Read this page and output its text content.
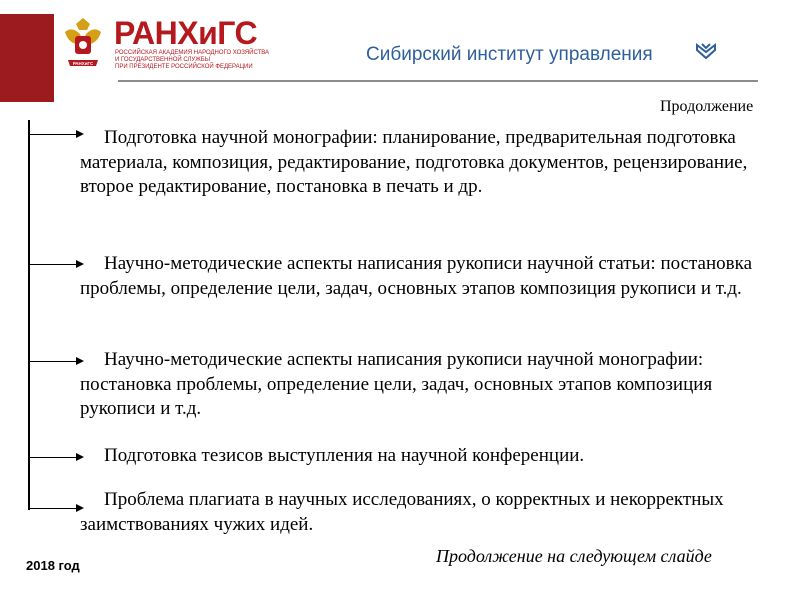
РАНХиГС
РАНХиГС
РОССИЙСКАЯ АКАДЕМИЯ НАРОДНОГО ХОЗЯЙСТВА
И ГОСУДАРСТВЕННОЙ СЛУЖБЫ
ПРИ ПРЕЗИДЕНТЕ РОССИЙСКОЙ ФЕДЕРАЦИИ
Сибирский институт управления
Продолжение
Подготовка научной монографии: планирование, предварительная подготовка материала, композиция, редактирование, подготовка документов, рецензирование, второе редактирование, постановка в печать и др.
Научно-методические аспекты написания рукописи научной статьи: постановка проблемы, определение цели, задач, основных этапов композиция рукописи и т.д.
Научно-методические аспекты написания рукописи научной монографии: постановка проблемы, определение цели, задач, основных этапов композиция рукописи и т.д.
Подготовка тезисов выступления на научной конференции.
Проблема плагиата в научных исследованиях, о корректных и некорректных заимствованиях чужих идей.
2018 год	Продолжение на следующем слайде
